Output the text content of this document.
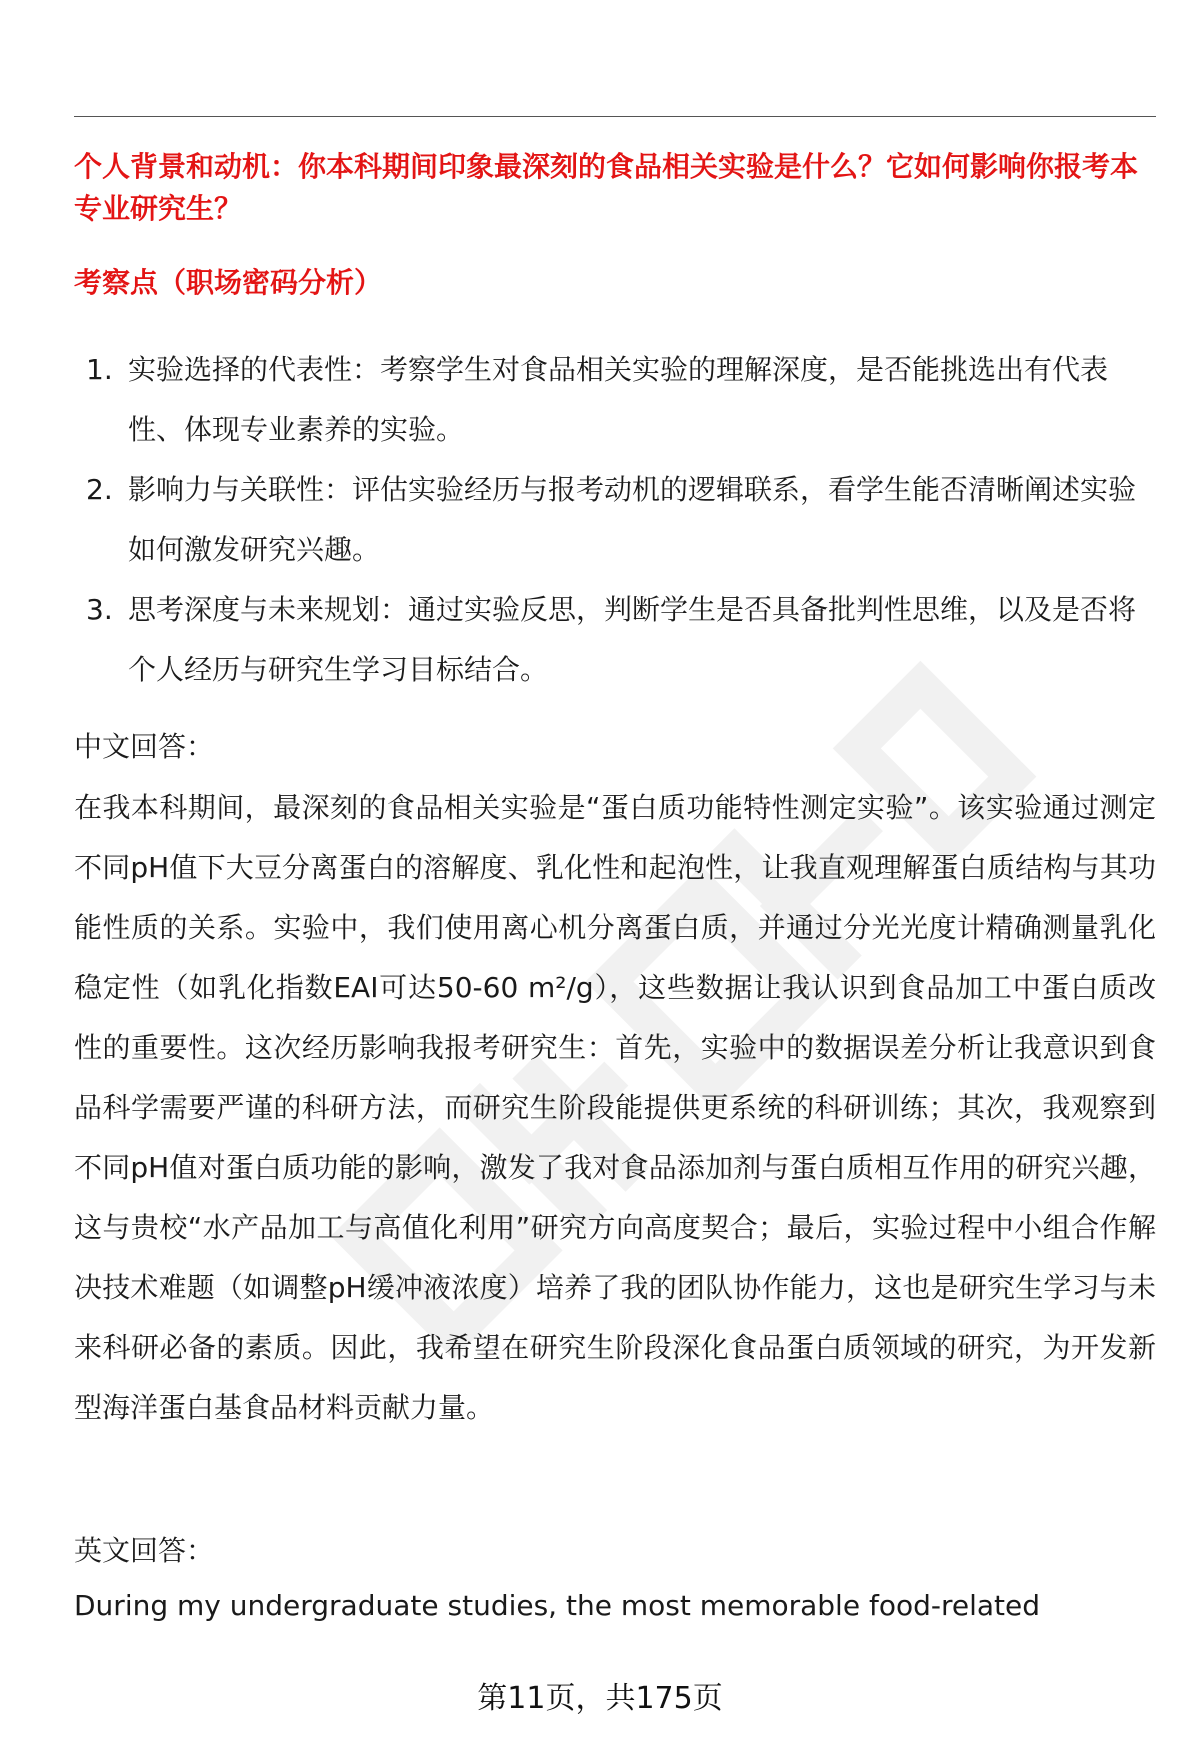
个人背景和动机：你本科期间印象最深刻的食品相关实验是什么？它如何影响你报考本专业研究生？
考察点（职场密码分析）
1. 实验选择的代表性：考察学生对食品相关实验的理解深度，是否能挑选出有代表性、体现专业素养的实验。
2. 影响力与关联性：评估实验经历与报考动机的逻辑联系，看学生能否清晰阐述实验如何激发研究兴趣。
3. 思考深度与未来规划：通过实验反思，判断学生是否具备批判性思维，以及是否将个人经历与研究生学习目标结合。
中文回答：
在我本科期间，最深刻的食品相关实验是“蛋白质功能特性测定实验”。该实验通过测定不同pH值下大豆分离蛋白的溶解度、乳化性和起泡性，让我直观理解蛋白质结构与其功能性质的关系。实验中，我们使用离心机分离蛋白质，并通过分光光度计精确测量乳化稳定性（如乳化指数EAI可达50-60 m²/g），这些数据让我认识到食品加工中蛋白质改性的重要性。这次经历影响我报考研究生：首先，实验中的数据误差分析让我意识到食品科学需要严谨的科研方法，而研究生阶段能提供更系统的科研训练；其次，我观察到不同pH值对蛋白质功能的影响，激发了我对食品添加剂与蛋白质相互作用的研究兴趣，这与贵校“水产品加工与高值化利用”研究方向高度契合；最后，实验过程中小组合作解决技术难题（如调整pH缓冲液浓度）培养了我的团队协作能力，这也是研究生学习与未来科研必备的素质。因此，我希望在研究生阶段深化食品蛋白质领域的研究，为开发新型海洋蛋白基食品材料贡献力量。
英文回答：
During my undergraduate studies, the most memorable food-related
第11页，共175页
